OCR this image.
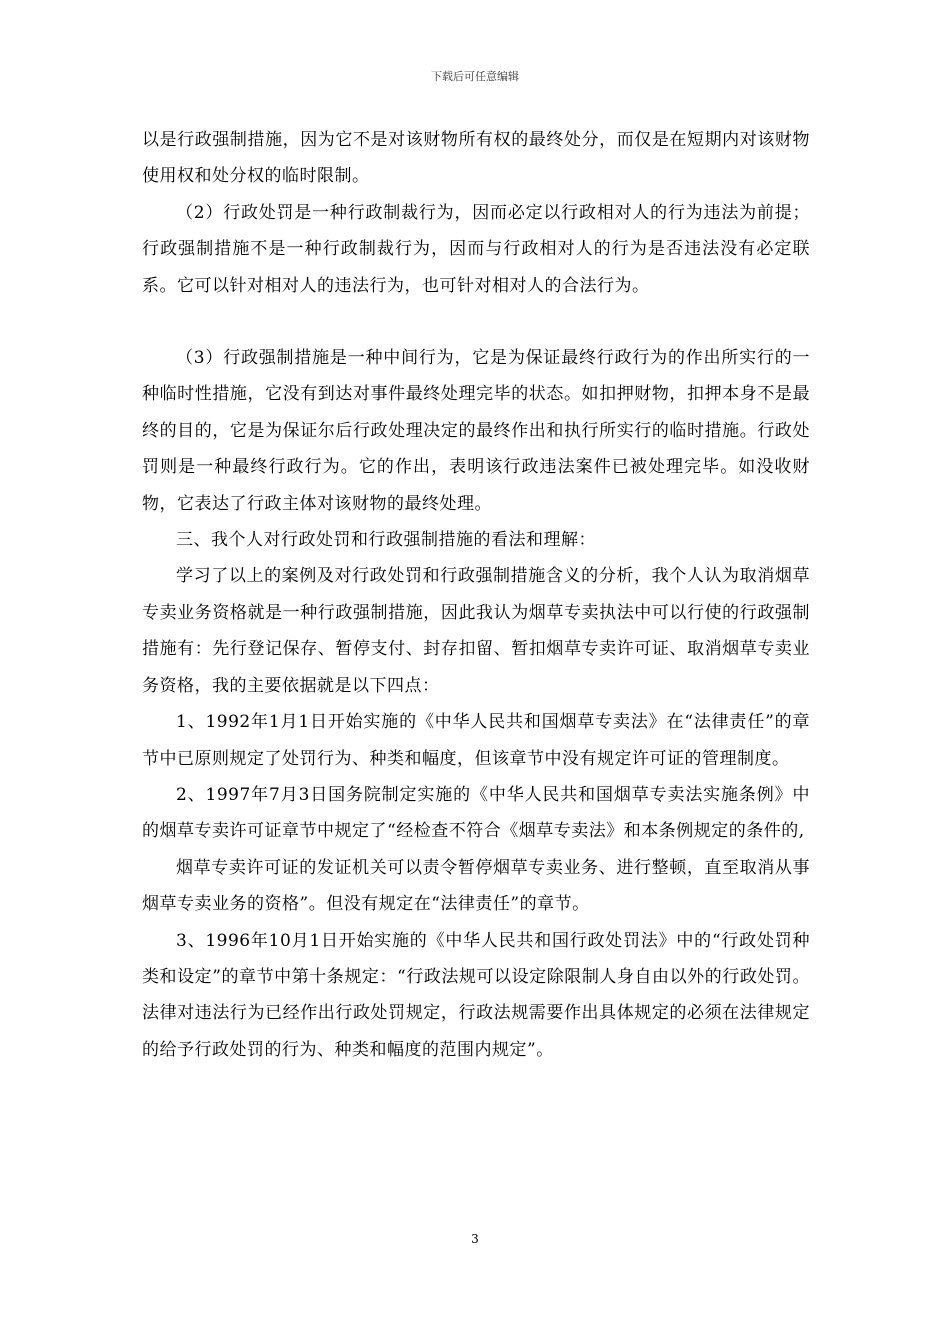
下载后可任意编辑

以是行政强制措施，因为它不是对该财物所有权的最终处分，而仅是在短期内对该财物使用权和处分权的临时限制。

（2）行政处罚是一种行政制裁行为，因而必定以行政相对人的行为违法为前提；行政强制措施不是一种行政制裁行为，因而与行政相对人的行为是否违法没有必定联系。它可以针对相对人的违法行为，也可针对相对人的合法行为。

（3）行政强制措施是一种中间行为，它是为保证最终行政行为的作出所实行的一种临时性措施，它没有到达对事件最终处理完毕的状态。如扣押财物，扣押本身不是最终的目的，它是为保证尔后行政处理决定的最终作出和执行所实行的临时措施。行政处罚则是一种最终行政行为。它的作出，表明该行政违法案件已被处理完毕。如没收财物，它表达了行政主体对该财物的最终处理。

三、我个人对行政处罚和行政强制措施的看法和理解：

学习了以上的案例及对行政处罚和行政强制措施含义的分析，我个人认为取消烟草专卖业务资格就是一种行政强制措施，因此我认为烟草专卖执法中可以行使的行政强制措施有：先行登记保存、暂停支付、封存扣留、暂扣烟草专卖许可证、取消烟草专卖业务资格，我的主要依据就是以下四点：

1、1992年1月1日开始实施的《中华人民共和国烟草专卖法》在“法律责任”的章节中已原则规定了处罚行为、种类和幅度，但该章节中没有规定许可证的管理制度。

2、1997年7月3日国务院制定实施的《中华人民共和国烟草专卖法实施条例》中的烟草专卖许可证章节中规定了“经检查不符合《烟草专卖法》和本条例规定的条件的,

烟草专卖许可证的发证机关可以责令暂停烟草专卖业务、进行整顿，直至取消从事烟草专卖业务的资格”。但没有规定在“法律责任”的章节。

3、1996年10月1日开始实施的《中华人民共和国行政处罚法》中的“行政处罚种类和设定”的章节中第十条规定：“行政法规可以设定除限制人身自由以外的行政处罚。法律对违法行为已经作出行政处罚规定，行政法规需要作出具体规定的必须在法律规定的给予行政处罚的行为、种类和幅度的范围内规定”。

3
